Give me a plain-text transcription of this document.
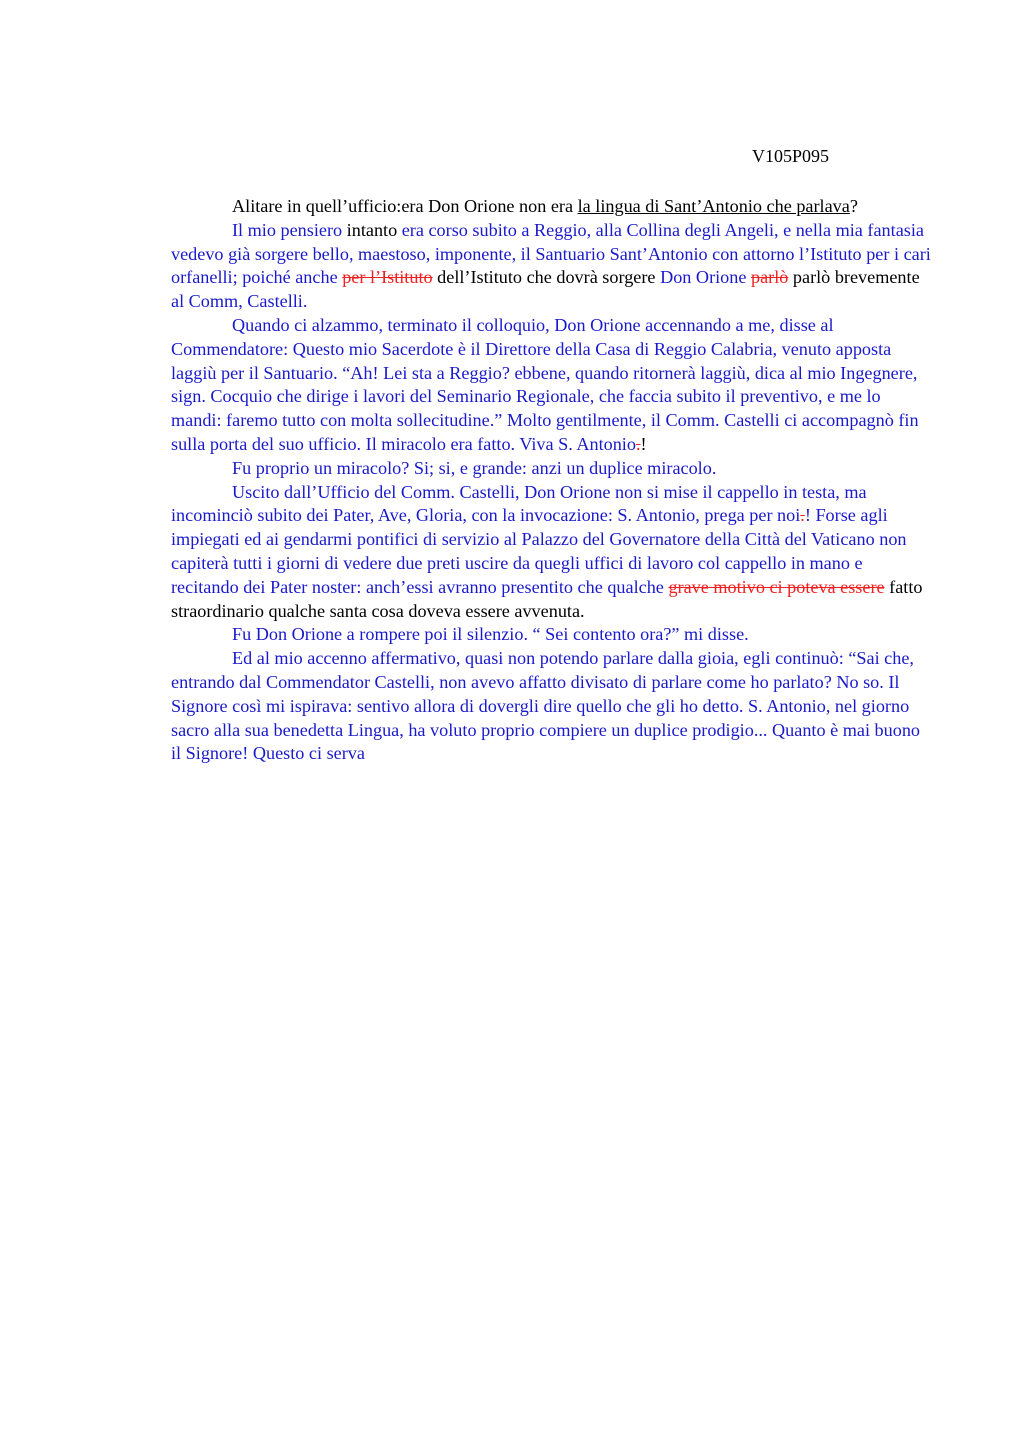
V105P095

Alitare in quell’ufficio:era Don Orione non era la lingua di Sant’Antonio che parlava?

Il mio pensiero intanto era corso subito a Reggio, alla Collina degli Angeli, e nella mia fantasia vedevo già sorgere bello, maestoso, imponente, il Santuario Sant’Antonio con attorno l’Istituto per i cari orfanelli; poiché anche per l’Istituto dell’Istituto che dovrà sorgere Don Orione parlò parlò brevemente al Comm, Castelli.

Quando ci alzammo, terminato il colloquio, Don Orione accennando a me, disse al Commendatore: Questo mio Sacerdote è il Direttore della Casa di Reggio Calabria, venuto apposta laggiù per il Santuario. “Ah! Lei sta a Reggio? ebbene, quando ritornerà laggiù, dica al mio Ingegnere, sign. Cocquio che dirige i lavori del Seminario Regionale, che faccia subito il preventivo, e me lo mandi: faremo tutto con molta sollecitudine.” Molto gentilmente, il Comm. Castelli ci accompagnò fin sulla porta del suo ufficio. Il miracolo era fatto. Viva S. Antonio.!

Fu proprio un miracolo? Si; si, e grande: anzi un duplice miracolo.

Uscito dall’Ufficio del Comm. Castelli, Don Orione non si mise il cappello in testa, ma incominciò subito dei Pater, Ave, Gloria, con la invocazione: S. Antonio, prega per noi.! Forse agli impiegati ed ai gendarmi pontifici di servizio al Palazzo del Governatore della Città del Vaticano non capiterà tutti i giorni di vedere due preti uscire da quegli uffici di lavoro col cappello in mano e recitando dei Pater noster: anch’essi avranno presentito che qualche grave motivo ci poteva essere fatto straordinario qualche santa cosa doveva essere avvenuta.

Fu Don Orione a rompere poi il silenzio. “ Sei contento ora?” mi disse.

Ed al mio accenno affermativo, quasi non potendo parlare dalla gioia, egli continuò: “Sai che, entrando dal Commendator Castelli, non avevo affatto divisato di parlare come ho parlato? No so. Il Signore così mi ispirava: sentivo allora di dovergli dire quello che gli ho detto. S. Antonio, nel giorno sacro alla sua benedetta Lingua, ha voluto proprio compiere un duplice prodigio... Quanto è mai buono il Signore! Questo ci serva
